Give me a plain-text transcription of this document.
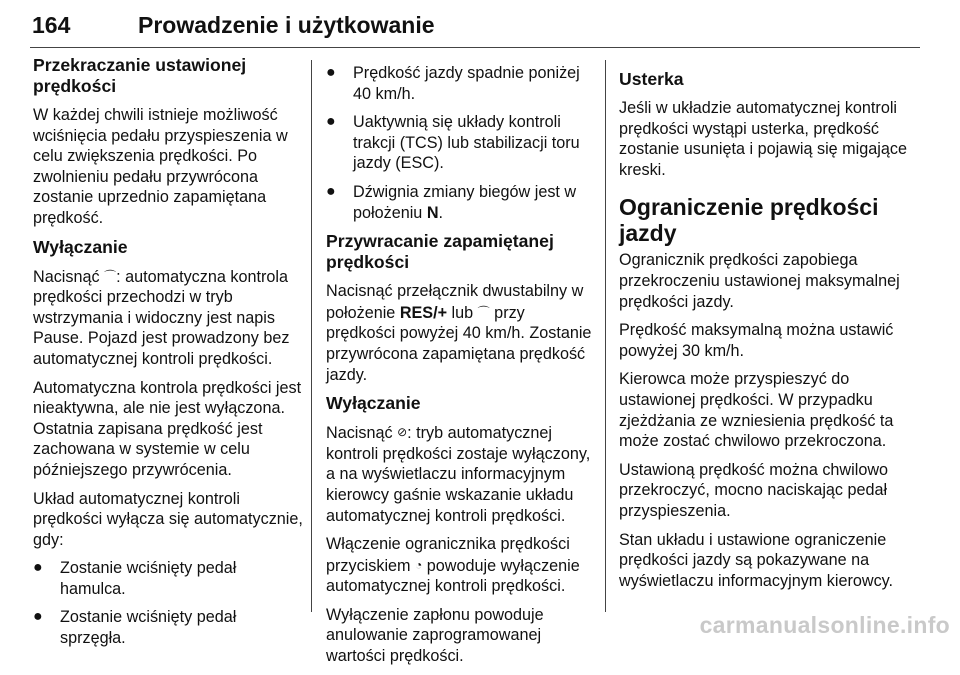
164	Prowadzenie i użytkowanie
Przekraczanie ustawionej prędkości

W każdej chwili istnieje możliwość wciśnięcia pedału przyspieszenia w celu zwiększenia prędkości. Po zwolnieniu pedału przywrócona zostanie uprzednio zapamiętana prędkość.

Wyłączanie

Nacisnąć ⌒: automatyczna kontrola prędkości przechodzi w tryb wstrzymania i widoczny jest napis Pause. Pojazd jest prowadzony bez automatycznej kontroli prędkości.

Automatyczna kontrola prędkości jest nieaktywna, ale nie jest wyłączona. Ostatnia zapisana prędkość jest zachowana w systemie w celu późniejszego przywrócenia.

Układ automatycznej kontroli prędkości wyłącza się automatycznie, gdy:

●	Zostanie wciśnięty pedał hamulca.
●	Zostanie wciśnięty pedał sprzęgła.
●	Prędkość jazdy spadnie poniżej 40 km/h.
●	Uaktywnią się układy kontroli trakcji (TCS) lub stabilizacji toru jazdy (ESC).
●	Dźwignia zmiany biegów jest w położeniu N.
Przywracanie zapamiętanej prędkości

Nacisnąć przełącznik dwustabilny w położenie RES/+ lub ⌒ przy prędkości powyżej 40 km/h. Zostanie przywrócona zapamiętana prędkość jazdy.

Wyłączanie

Nacisnąć ⊘: tryb automatycznej kontroli prędkości zostaje wyłączony, a na wyświetlaczu informacyjnym kierowcy gaśnie wskazanie układu automatycznej kontroli prędkości.

Włączenie ogranicznika prędkości przyciskiem ◔ powoduje wyłączenie automatycznej kontroli prędkości.

Wyłączenie zapłonu powoduje anulowanie zaprogramowanej wartości prędkości.

Usterka

Jeśli w układzie automatycznej kontroli prędkości wystąpi usterka, prędkość zostanie usunięta i pojawią się migające kreski.

Ograniczenie prędkości jazdy

Ogranicznik prędkości zapobiega przekroczeniu ustawionej maksymalnej prędkości jazdy.

Prędkość maksymalną można ustawić powyżej 30 km/h.

Kierowca może przyspieszyć do ustawionej prędkości. W przypadku zjeżdżania ze wzniesienia prędkość ta może zostać chwilowo przekroczona.

Ustawioną prędkość można chwilowo przekroczyć, mocno naciskając pedał przyspieszenia.

Stan układu i ustawione ograniczenie prędkości jazdy są pokazywane na wyświetlaczu informacyjnym kierowcy.

carmanualsonline.info
